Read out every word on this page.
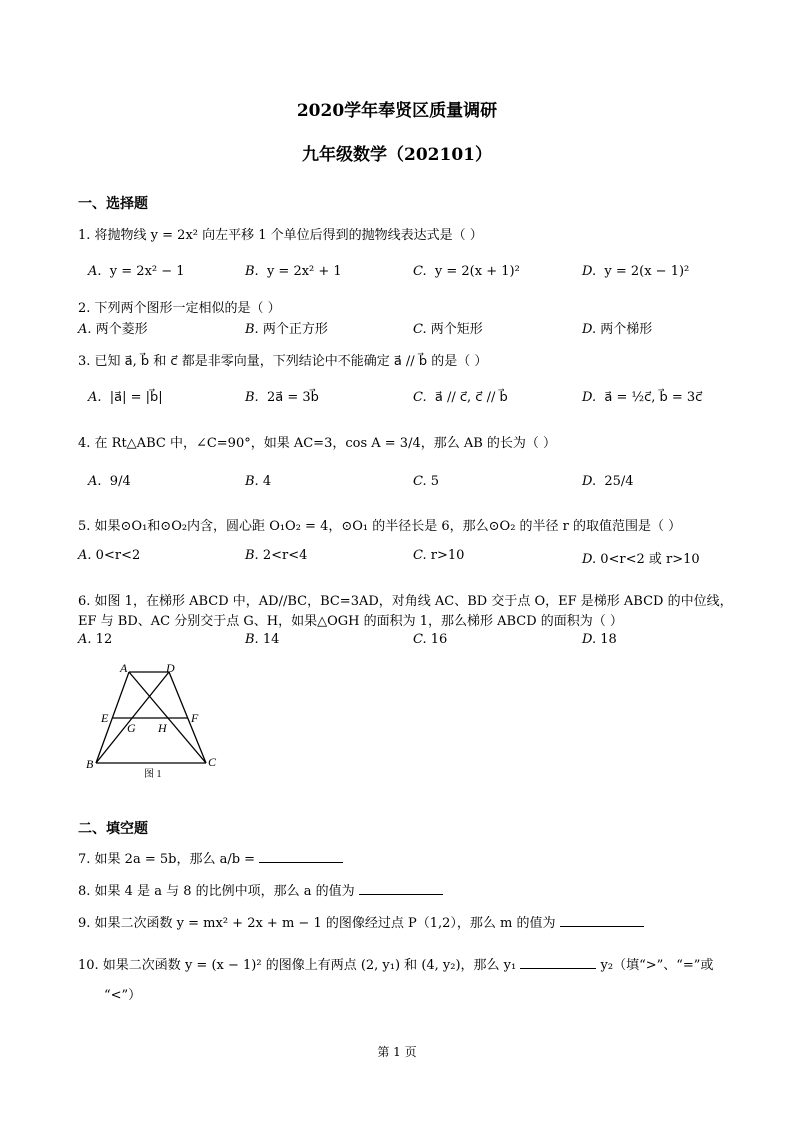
2020学年奉贤区质量调研
九年级数学（202101）
一、选择题
1. 将抛物线 y = 2x² 向左平移 1 个单位后得到的抛物线表达式是（ ）
A. y = 2x² − 1	B. y = 2x² + 1	C. y = 2(x + 1)²	D. y = 2(x − 1)²
2. 下列两个图形一定相似的是（ ）
A. 两个菱形	B. 两个正方形	C. 两个矩形	D. 两个梯形
3. 已知 a⃗, b⃗ 和 c⃗ 都是非零向量，下列结论中不能确定 a⃗ // b⃗ 的是（ ）
A. |a⃗| = |b⃗|	B. 2a⃗ = 3b⃗	C. a⃗ // c⃗, c⃗ // b⃗	D. a⃗ = ½c⃗, b⃗ = 3c⃗
4. 在 Rt△ABC 中，∠C=90°，如果 AC=3，cos A = 3/4，那么 AB 的长为（ ）
A. 9/4	B. 4	C. 5	D. 25/4
5. 如果⊙O₁和⊙O₂内含，圆心距 O₁O₂ = 4，⊙O₁ 的半径长是 6，那么⊙O₂ 的半径 r 的取值范围是（ ）
A. 0<r<2	B. 2<r<4	C. r>10	D. 0<r<2 或 r>10
6. 如图 1，在梯形 ABCD 中，AD//BC，BC=3AD，对角线 AC、BD 交于点 O，EF 是梯形 ABCD 的中位线，
EF 与 BD、AC 分别交于点 G、H，如果△OGH 的面积为 1，那么梯形 ABCD 的面积为（ ）
A. 12	B. 14	C. 16	D. 18
A	D
E	F
G H
B	C
图 1
二、填空题
7. 如果 2a = 5b，那么 a/b =
8. 如果 4 是 a 与 8 的比例中项，那么 a 的值为
9. 如果二次函数 y = mx² + 2x + m − 1 的图像经过点 P（1,2），那么 m 的值为
10. 如果二次函数 y = (x − 1)² 的图像上有两点 (2, y₁) 和 (4, y₂)，那么 y₁	y₂（填“>”、“=”或
“<”）
第 1 页
